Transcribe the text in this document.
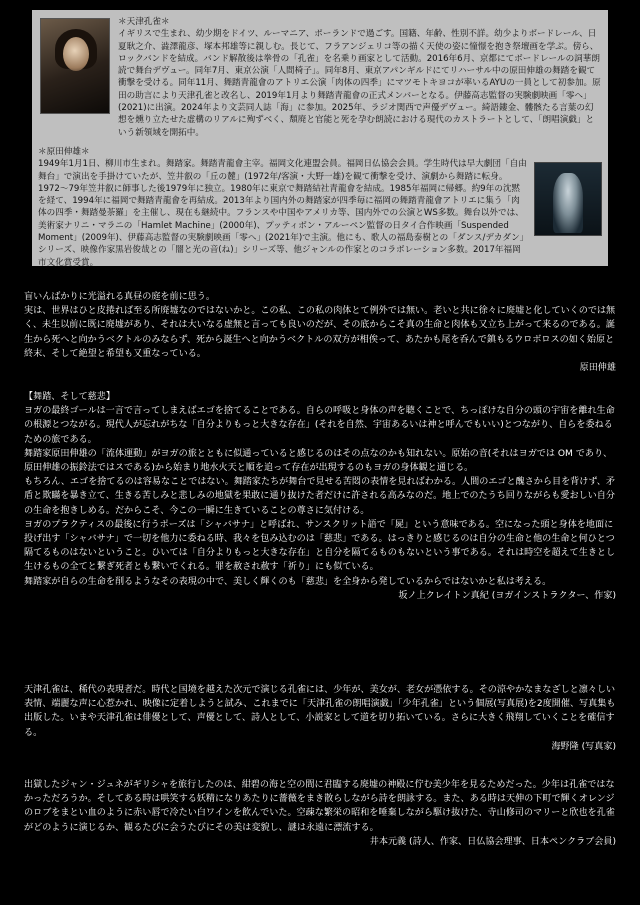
＊天津孔雀＊
イギリスで生まれ、幼少期をドイツ、ルーマニア、ポーランドで過ごす。国籍、年齢、性別不詳。幼少よりボードレール、日夏耿之介、澁澤龍彦、塚本邦雄等に親しむ。長じて、フラアンジェリコ等の描く天使の姿に憧憬を抱き祭壇画を学ぶ。傍ら、ロックバンドを結成。バンド解散後は拳骨の「孔雀」を名乗り画家として活動。2016年6月、京都にてボードレールの詞華朗読で舞台デヴュー。同年7月、東京公演「人間椅子」。同年8月、東京アパンギルドにてリハーサル中の原田伸雄の舞踏を観て衝撃を受ける。同年11月、舞踏青龍會のアトリエ公演「肉体の四季」にマツモトキヨコが率いるAYUの一員として初参加。原田の助言により天津孔雀と改名し、2019年1月より舞踏青龍會の正式メンバーとなる。伊藤高志監督の実験劇映画「零へ」(2021)に出演。2024年より文芸同人誌「海」に参加。2025年、ラジオ関西で声優デヴュー。綺語鏤金、髏骸たる言葉の幻想を燻り立たせた虚構のリアルに殉ずべく、頽廃と官能と死を孕む朗読における現代のカストラートとして、「朗唱演戯」という新領域を開拓中。
＊原田伸雄＊
1949年1月1日、柳川市生まれ。舞踏家。舞踏青龍會主宰。福岡文化連盟会員。福岡日仏協会会員。学生時代は早大劇団「自由舞台」で演出を手掛けていたが、笠井叡の「丘の麓」(1972年/客演・大野一雄)を観て衝撃を受け、演劇から舞踏に転身。1972〜79年笠井叡に師事した後1979年に独立。1980年に東京で舞踏結社青龍會を結成。1985年福岡に帰郷。約9年の沈黙を経て、1994年に福岡で舞踏青龍會を再結成。2013年より国内外の舞踏家が四季毎に福岡の舞踏青龍會アトリエに集う「肉体の四季・舞踏曼荼羅」を主催し、現在も継続中。フランスや中国やアメリカ等、国内外での公演とWS多数。舞台以外では、美術家ナリニ・マラニの「Hamlet Machine」(2000年)、プッティボン・アルーペン監督の日タイ合作映画「Suspended Moment」(2009年)、伊藤高志監督の実験劇映画「零へ」(2021年)で主演。他にも、歌人の福島泰樹との「ダンス/デカダン」シリーズ、映像作家黒岩俊哉との「闇と光の音(ね)」シリーズ等、他ジャンルの作家とのコラボレーション多数。2017年福岡市文化賞受賞。

盲いんばかりに光溢れる真昼の庭を前に思う。

実は、世界はひと皮捲れば至る所廃墟なのではないかと。この私、この私の肉体とて例外では無い。老いと共に徐々に廃墟と化していくのでは無く、未生以前に既に廃墟があり、それは大いなる虚無と言っても良いのだが、その底からこそ真の生命と肉体も又立ち上がって来るのである。誕生から死へと向かうベクトルのみならず、死から誕生へと向かうベクトルの双方が相俟って、あたかも尾を呑んで鎮もるウロボロスの如く始原と終末、そして絶望と希望も又重なっている。

原田伸雄

【舞踏、そして慈悲】

ヨガの最終ゴールは一言で言ってしまえばエゴを捨てることである。自らの呼吸と身体の声を聴くことで、ちっぽけな自分の頭の宇宙を離れ生命の根源とつながる。現代人が忘れがちな「自分よりもっと大きな存在」(それを自然、宇宙あるいは神と呼んでもいい)とつながり、自らを委ねるための旅である。

舞踏家原田伸雄の「流体運動」がヨガの旅とともに似通っていると感じるのはその点なのかも知れない。原始の音(それはヨガでは OM であり、原田伸雄の振鈴法ではスである)から始まり地水火天と順を追って存在が出現するのもヨガの身体観と通じる。

もちろん、エゴを捨てるのは容易なことではない。舞踏家たちが舞台で見せる苦悶の表情を見ればわかる。人間のエゴと醜さから目を背けず、矛盾と欺瞞を暴き立て、生きる苦しみと悲しみの地獄を果敢に通り抜けた者だけに許される高みなのだ。地上でのたうち回りながらも愛おしい自分の生命を抱きしめる。だからこそ、今この一瞬に生きていることの尊さに気付ける。

ヨガのプラクティスの最後に行うポーズは「シャバサナ」と呼ばれ、サンスクリット語で「屍」という意味である。空になった頭と身体を地面に投げ出す「シャバサナ」で一切を他力に委ねる時、我々を包み込むのは「慈悲」である。はっきりと感じるのは自分の生命と他の生命と何ひとつ隔てるものはないということ。ひいては「自分よりもっと大きな存在」と自分を隔てるものもないという事である。それは時空を超えて生きとし生けるもの全てと繋ぎ死者とも繋いでくれる。罪を赦され赦す「祈り」にも似ている。

舞踏家が自らの生命を削るようなその表現の中で、美しく輝くのも「慈悲」を全身から発しているからではないかと私は考える。

坂ノ上クレイトン真紀 (ヨガインストラクター、作家)

天津孔雀は、稀代の表現者だ。時代と国境を越えた次元で演じる孔雀には、少年が、美女が、老女が憑依する。その涼やかなまなざしと凛々しい表情、端麗な声に心惹かれ、映像に定着しようと試み、これまでに「天津孔雀の朗唱演戯」「少年孔雀」という個展(写真展)を2度開催、写真集も出版した。いまや天津孔雀は俳優として、声優として、詩人として、小説家として道を切り拓いている。さらに大きく飛翔していくことを確信する。

海野隆 (写真家)

出獄したジャン・ジュネがギリシャを旅行したのは、紺碧の海と空の間に君臨する廃墟の神殿に佇む美少年を見るためだった。少年は孔雀ではなかっただろうか。そしてある時は哄笑する妖精になりあたりに薔薇をまき散らしながら詩を朗詠する。また、ある時は天伸の下町で輝くオレンジのロブをまとい血のように赤い唇で冷たい白ワインを飲んでいた。空疎な繁栄の昭和を唾棄しながら駆け抜けた、寺山修司のマリーと欣也を孔雀がどのように演じるか、観るたびに会うたびにその美は変貌し、謎は永遠に漂流する。

井本元義 (詩人、作家、日仏協会理事、日本ペンクラブ会員)
